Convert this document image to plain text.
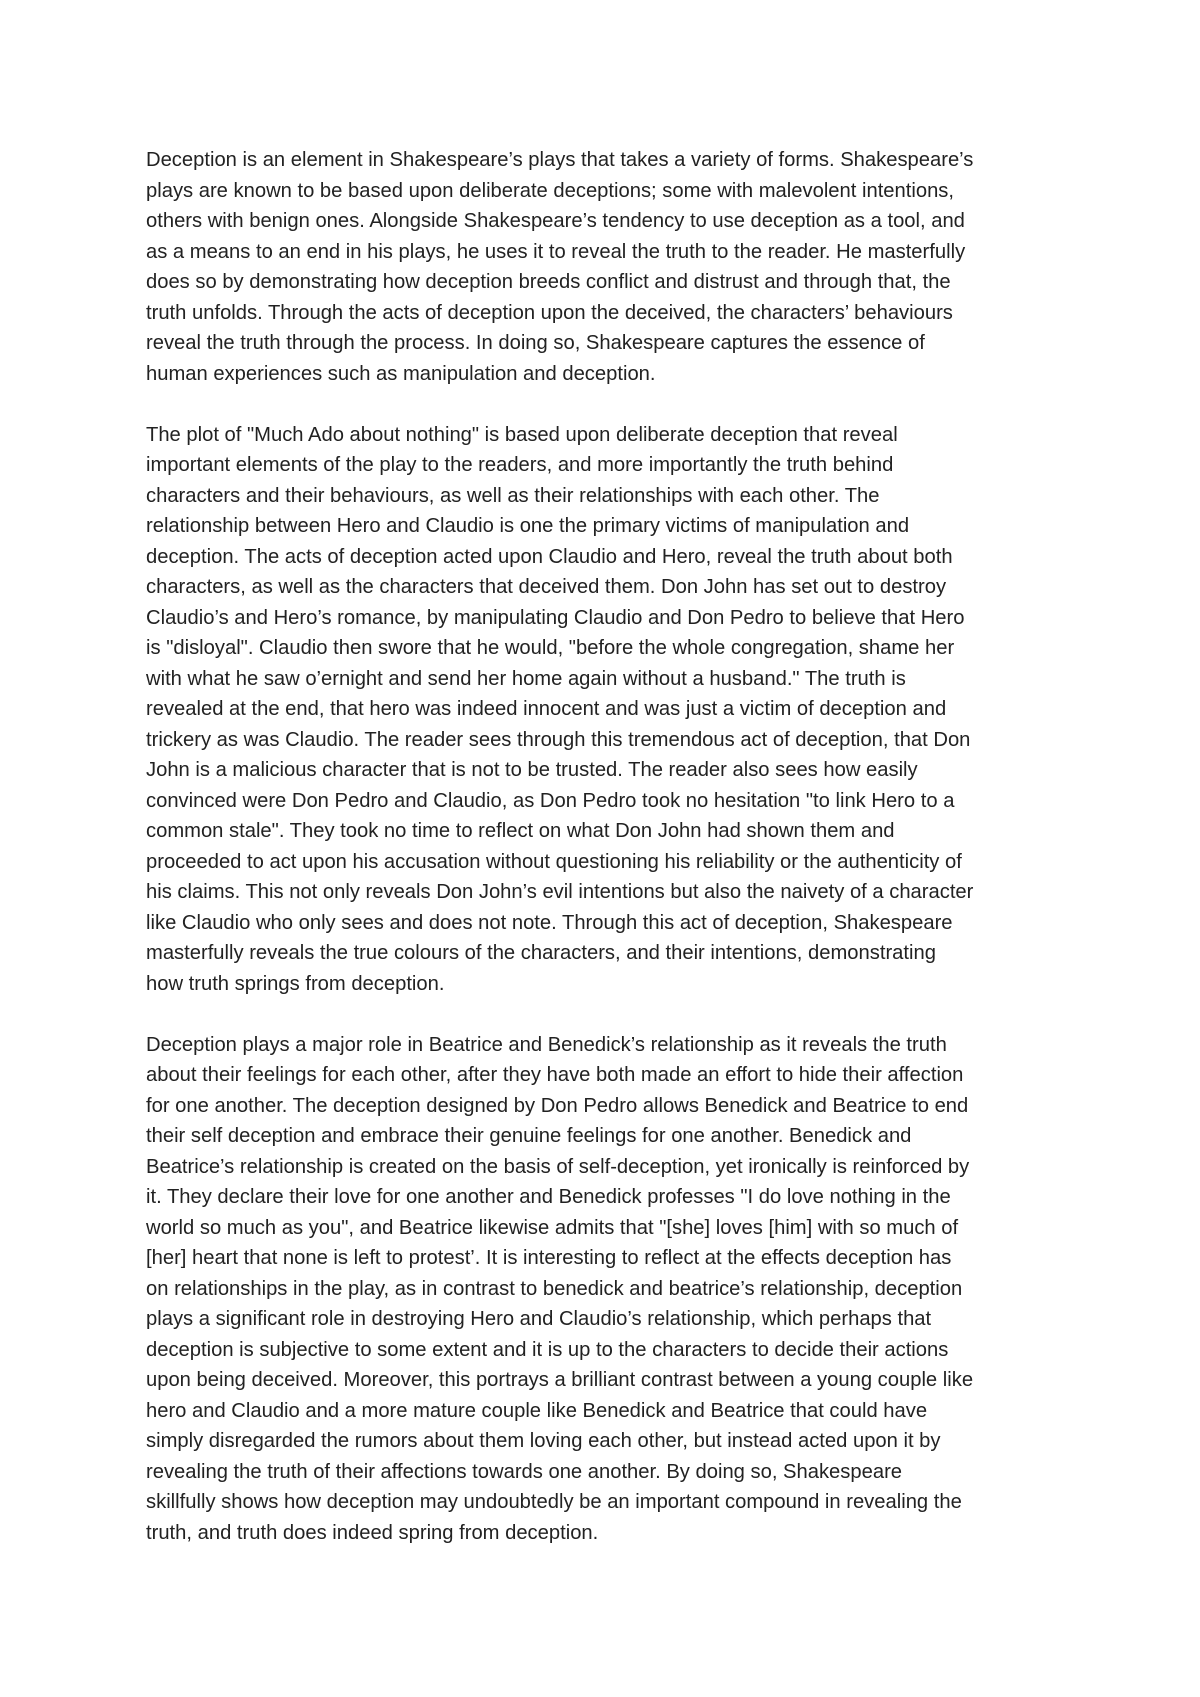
Deception is an element in Shakespeare’s plays that takes a variety of forms. Shakespeare’s
plays are known to be based upon deliberate deceptions; some with malevolent intentions,
others with benign ones. Alongside Shakespeare’s tendency to use deception as a tool, and
as a means to an end in his plays, he uses it to reveal the truth to the reader. He masterfully
does so by demonstrating how deception breeds conflict and distrust and through that, the
truth unfolds. Through the acts of deception upon the deceived, the characters’ behaviours
reveal the truth through the process. In doing so, Shakespeare captures the essence of
human experiences such as manipulation and deception.
The plot of "Much Ado about nothing" is based upon deliberate deception that reveal
important elements of the play to the readers, and more importantly the truth behind
characters and their behaviours, as well as their relationships with each other. The
relationship between Hero and Claudio is one the primary victims of manipulation and
deception. The acts of deception acted upon Claudio and Hero, reveal the truth about both
characters, as well as the characters that deceived them. Don John has set out to destroy
Claudio’s and Hero’s romance, by manipulating Claudio and Don Pedro to believe that Hero
is "disloyal". Claudio then swore that he would, "before the whole congregation, shame her
with what he saw o’ernight and send her home again without a husband." The truth is
revealed at the end, that hero was indeed innocent and was just a victim of deception and
trickery as was Claudio. The reader sees through this tremendous act of deception, that Don
John is a malicious character that is not to be trusted. The reader also sees how easily
convinced were Don Pedro and Claudio, as Don Pedro took no hesitation "to link Hero to a
common stale". They took no time to reflect on what Don John had shown them and
proceeded to act upon his accusation without questioning his reliability or the authenticity of
his claims. This not only reveals Don John’s evil intentions but also the naivety of a character
like Claudio who only sees and does not note. Through this act of deception, Shakespeare
masterfully reveals the true colours of the characters, and their intentions, demonstrating
how truth springs from deception.
Deception plays a major role in Beatrice and Benedick’s relationship as it reveals the truth
about their feelings for each other, after they have both made an effort to hide their affection
for one another. The deception designed by Don Pedro allows Benedick and Beatrice to end
their self deception and embrace their genuine feelings for one another. Benedick and
Beatrice’s relationship is created on the basis of self-deception, yet ironically is reinforced by
it. They declare their love for one another and Benedick professes "I do love nothing in the
world so much as you", and Beatrice likewise admits that "[she] loves [him] with so much of
[her] heart that none is left to protest’. It is interesting to reflect at the effects deception has
on relationships in the play, as in contrast to benedick and beatrice’s relationship, deception
plays a significant role in destroying Hero and Claudio’s relationship, which perhaps that
deception is subjective to some extent and it is up to the characters to decide their actions
upon being deceived. Moreover, this portrays a brilliant contrast between a young couple like
hero and Claudio and a more mature couple like Benedick and Beatrice that could have
simply disregarded the rumors about them loving each other, but instead acted upon it by
revealing the truth of their affections towards one another. By doing so, Shakespeare
skillfully shows how deception may undoubtedly be an important compound in revealing the
truth, and truth does indeed spring from deception.
